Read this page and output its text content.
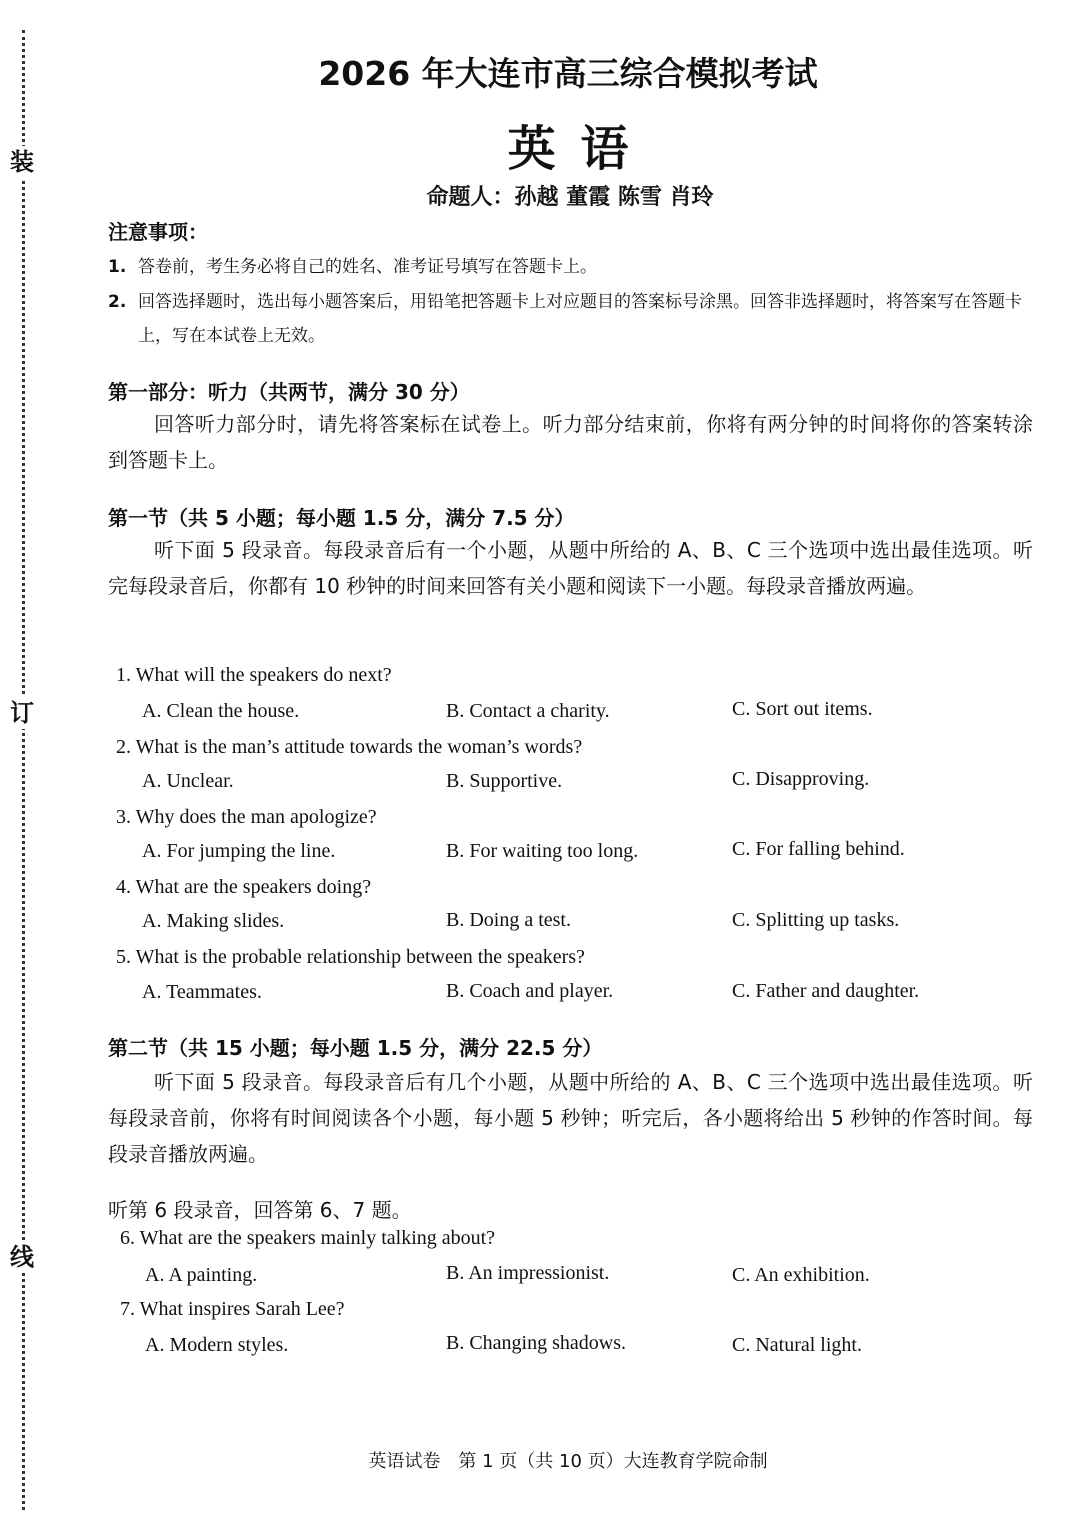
装
订
线
2026 年大连市高三综合模拟考试
英 语
命题人：孙越 董霞 陈雪 肖玲
注意事项：
1. 答卷前，考生务必将自己的姓名、准考证号填写在答题卡上。
2. 回答选择题时，选出每小题答案后，用铅笔把答题卡上对应题目的答案标号涂黑。回答非选择题时，将答案写在答题卡上，写在本试卷上无效。
第一部分：听力（共两节，满分 30 分）
回答听力部分时，请先将答案标在试卷上。听力部分结束前，你将有两分钟的时间将你的答案转涂到答题卡上。
第一节（共 5 小题；每小题 1.5 分，满分 7.5 分）
听下面 5 段录音。每段录音后有一个小题，从题中所给的 A、B、C 三个选项中选出最佳选项。听完每段录音后，你都有 10 秒钟的时间来回答有关小题和阅读下一小题。每段录音播放两遍。
1. What will the speakers do next?
A. Clean the house.	B. Contact a charity.	C. Sort out items.
2. What is the man’s attitude towards the woman’s words?
A. Unclear.	B. Supportive.	C. Disapproving.
3. Why does the man apologize?
A. For jumping the line.	B. For waiting too long.	C. For falling behind.
4. What are the speakers doing?
A. Making slides.	B. Doing a test.	C. Splitting up tasks.
5. What is the probable relationship between the speakers?
A. Teammates.	B. Coach and player.	C. Father and daughter.
第二节（共 15 小题；每小题 1.5 分，满分 22.5 分）
听下面 5 段录音。每段录音后有几个小题，从题中所给的 A、B、C 三个选项中选出最佳选项。听每段录音前，你将有时间阅读各个小题，每小题 5 秒钟；听完后，各小题将给出 5 秒钟的作答时间。每段录音播放两遍。
听第 6 段录音，回答第 6、7 题。
6. What are the speakers mainly talking about?
A. A painting.	B. An impressionist.	C. An exhibition.
7. What inspires Sarah Lee?
A. Modern styles.	B. Changing shadows.	C. Natural light.
英语试卷　第 1 页（共 10 页）大连教育学院命制
